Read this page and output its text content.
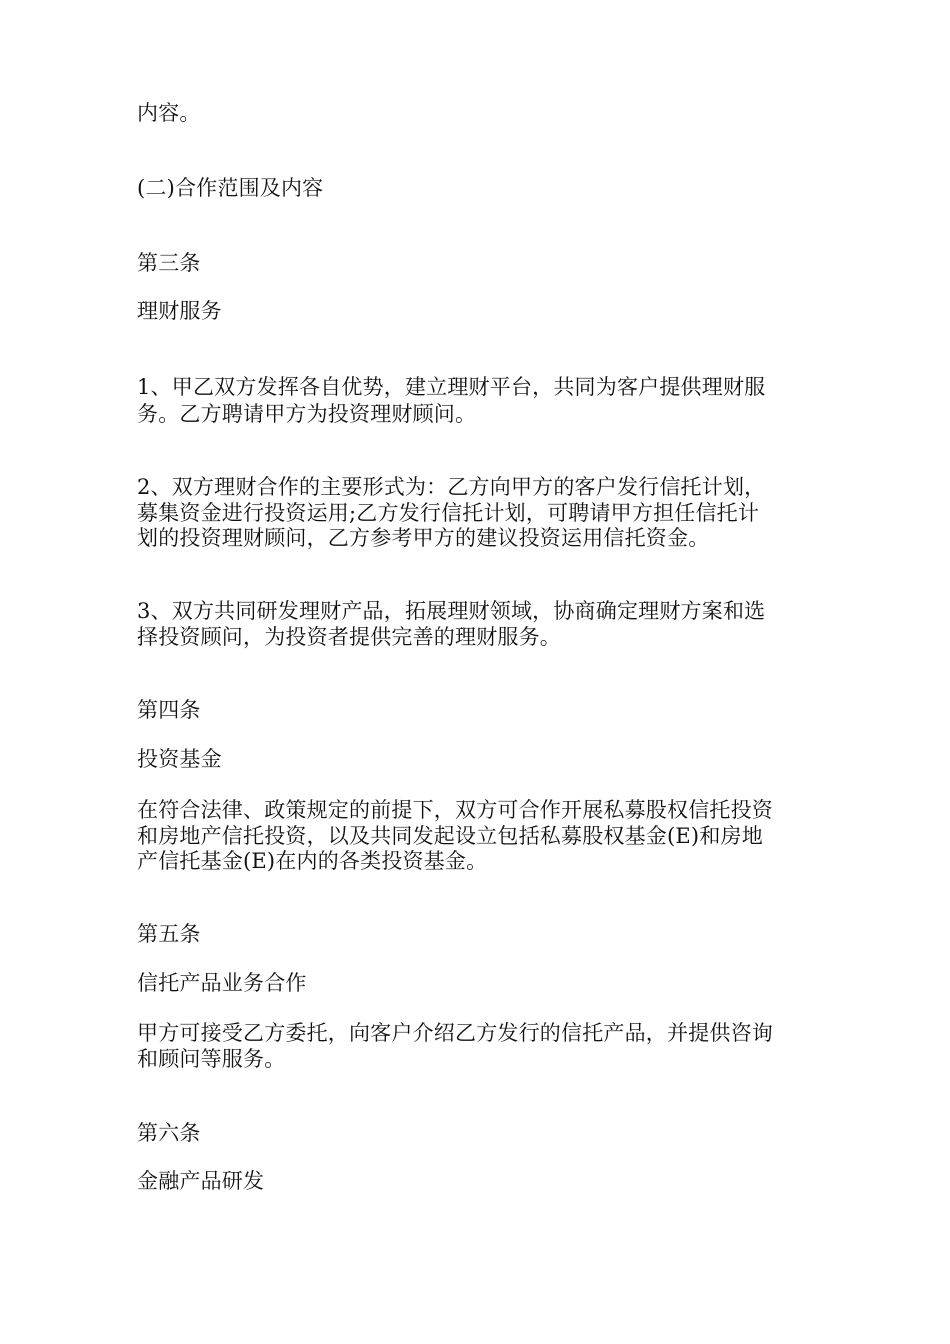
内容。
(二)合作范围及内容
第三条
理财服务
1、甲乙双方发挥各自优势，建立理财平台，共同为客户提供理财服
务。乙方聘请甲方为投资理财顾问。
2、双方理财合作的主要形式为：乙方向甲方的客户发行信托计划，
募集资金进行投资运用;乙方发行信托计划，可聘请甲方担任信托计
划的投资理财顾问，乙方参考甲方的建议投资运用信托资金。
3、双方共同研发理财产品，拓展理财领域，协商确定理财方案和选
择投资顾问，为投资者提供完善的理财服务。
第四条
投资基金
在符合法律、政策规定的前提下，双方可合作开展私募股权信托投资
和房地产信托投资，以及共同发起设立包括私募股权基金(E)和房地
产信托基金(E)在内的各类投资基金。
第五条
信托产品业务合作
甲方可接受乙方委托，向客户介绍乙方发行的信托产品，并提供咨询
和顾问等服务。
第六条
金融产品研发
